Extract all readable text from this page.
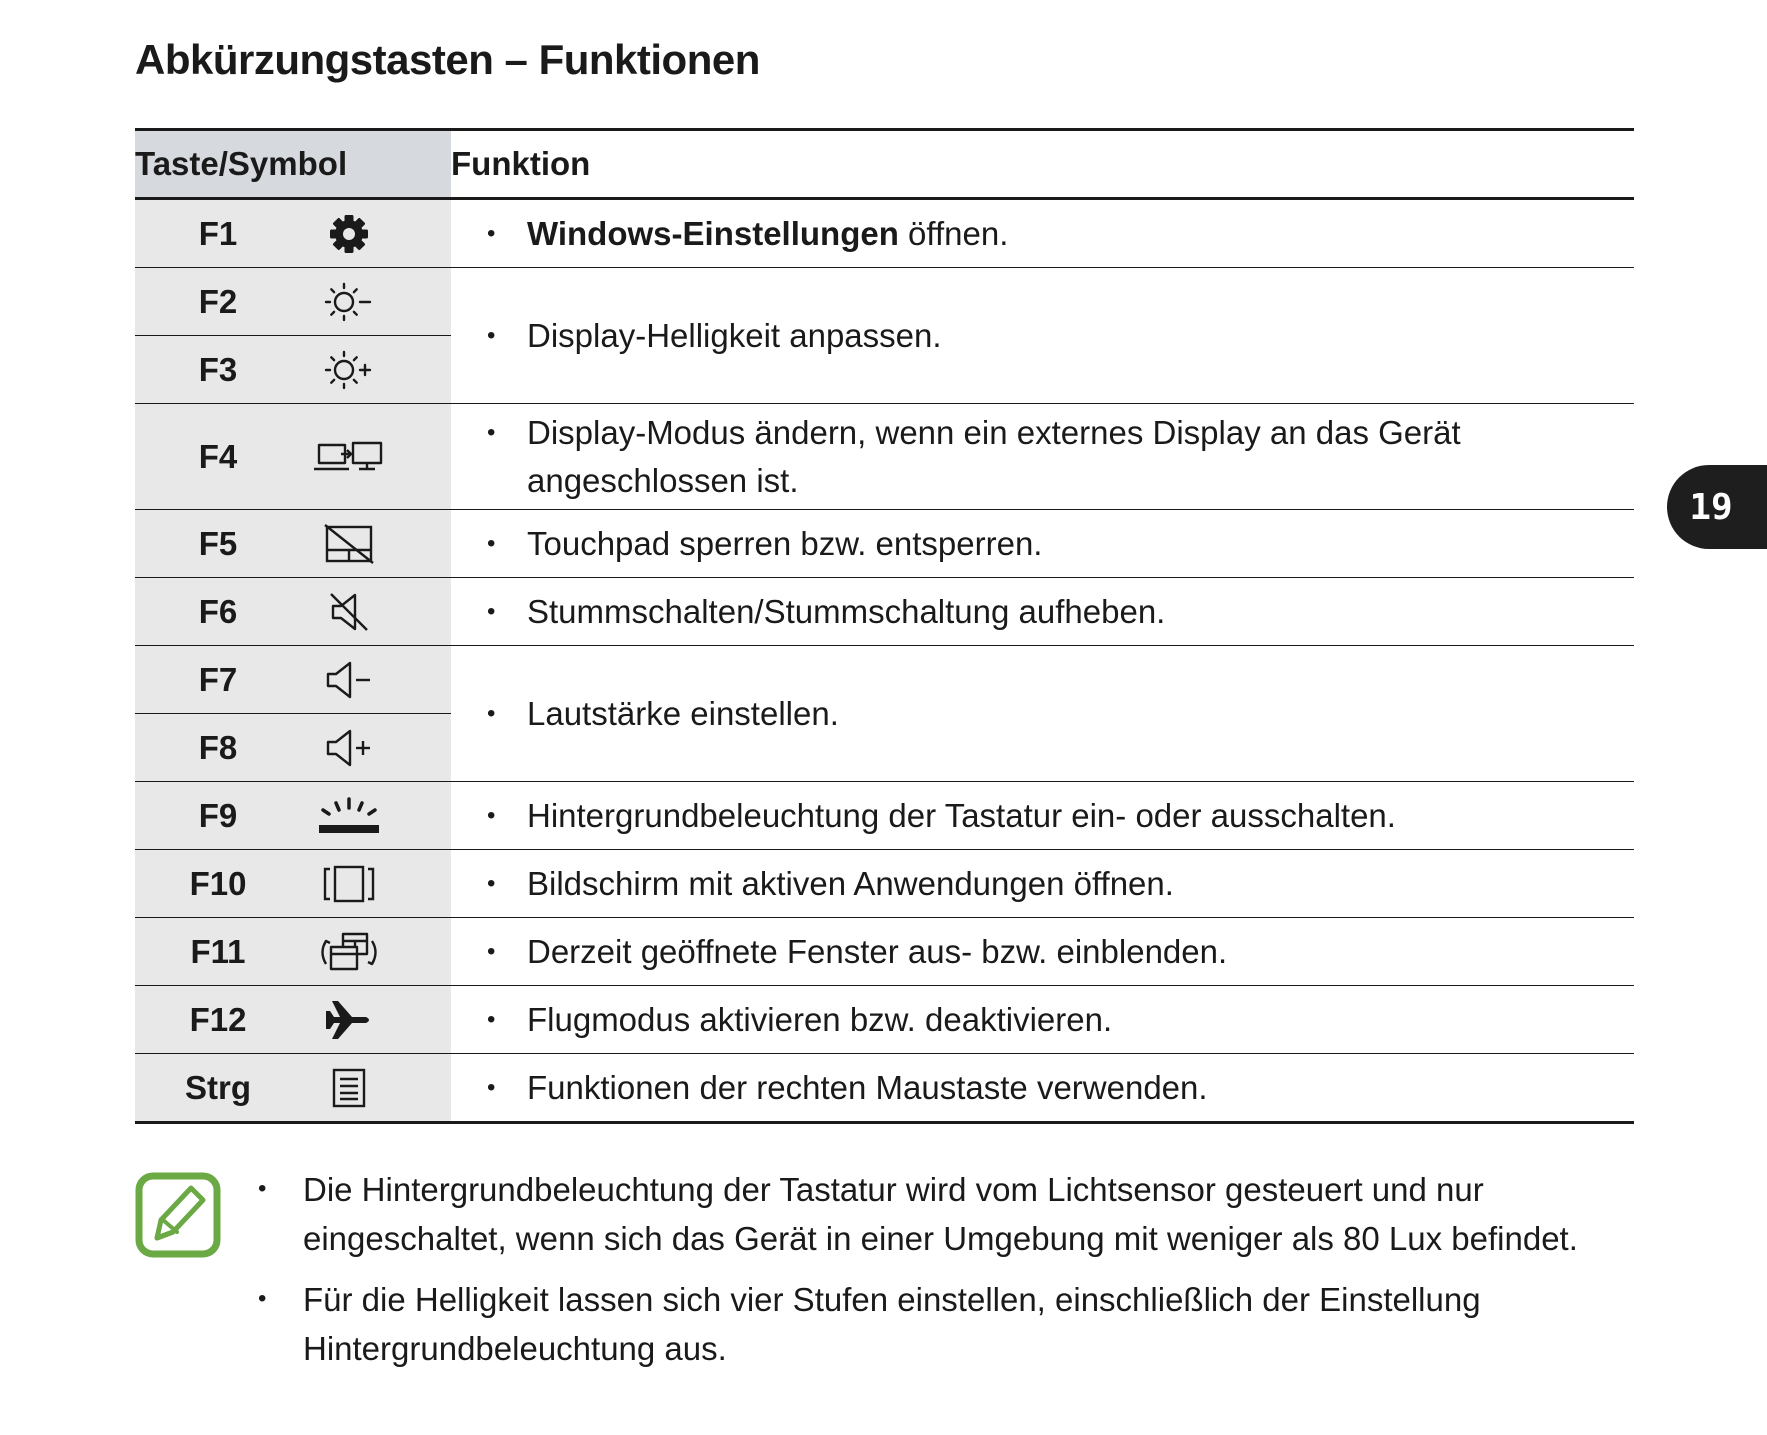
Abkürzungstasten – Funktionen
19
Taste/Symbol	Funktion

F1	• Windows-Einstellungen öffnen.

F2	• Display-Helligkeit anpassen.

F3	

F4	• Display-Modus ändern, wenn ein externes Display an das Gerät angeschlossen ist.

F5	• Touchpad sperren bzw. entsperren.

F6	• Stummschalten/Stummschaltung aufheben.

F7	• Lautstärke einstellen.

F8	

F9	• Hintergrundbeleuchtung der Tastatur ein- oder ausschalten.

F10	• Bildschirm mit aktiven Anwendungen öffnen.

F11	• Derzeit geöffnete Fenster aus- bzw. einblenden.

F12	• Flugmodus aktivieren bzw. deaktivieren.

Strg	• Funktionen der rechten Maustaste verwenden.
•	Die Hintergrundbeleuchtung der Tastatur wird vom Lichtsensor gesteuert und nur eingeschaltet, wenn sich das Gerät in einer Umgebung mit weniger als 80 Lux befindet.
•	Für die Helligkeit lassen sich vier Stufen einstellen, einschließlich der Einstellung Hintergrundbeleuchtung aus.
